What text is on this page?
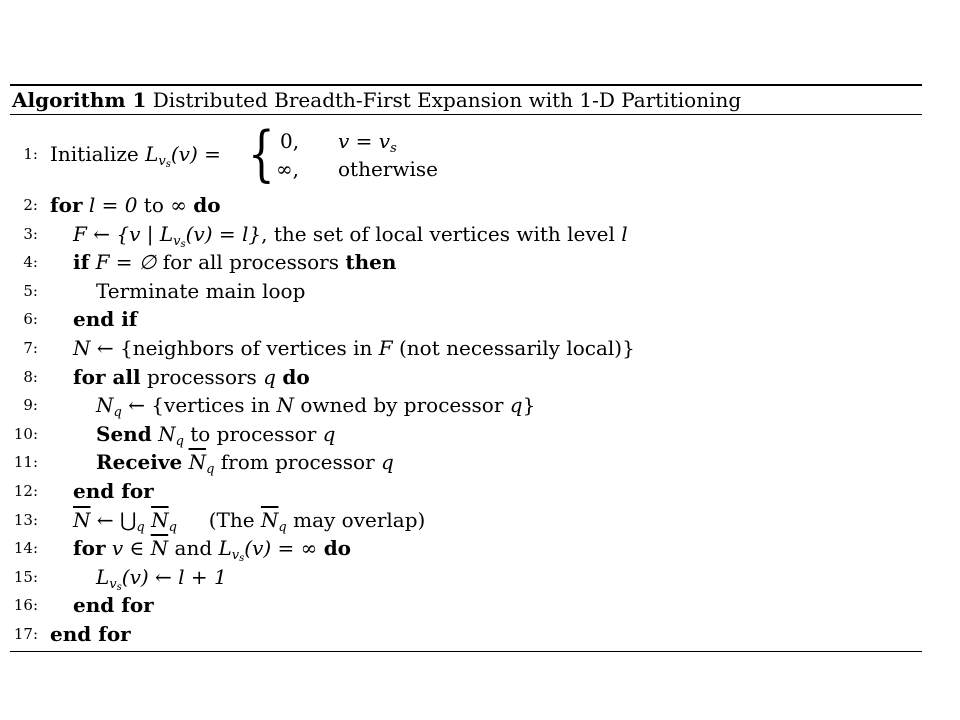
Algorithm 1 Distributed Breadth-First Expansion with 1-D Partitioning
1: Initialize $L_{v_s}(v)$ = { 0, $v = v_s$
∞, otherwise
2: for l = 0 to ∞ do
3: F ← {v | $L_{v_s}(v) = l$}, the set of local vertices with level l
4: if F = ∅ for all processors then
5:	Terminate main loop
6: end if
7: N ← {neighbors of vertices in F (not necessarily local)}
8: for all processors q do
9:	$N_q$ ← {vertices in N owned by processor q}
10:	Send $N_q$ to processor q
11:	Receive $\overline{N}_q$ from processor q
12: end for
13: $\overline{N}$ ← $⋃_q$ $\overline{N}_q$ (The $\overline{N}_q$ may overlap)
14: for v ∈ $\overline{N}$ and $L_{v_s}(v)$ = ∞ do
15:	$L_{v_s}(v)$ ← l + 1
16: end for
17: end for
